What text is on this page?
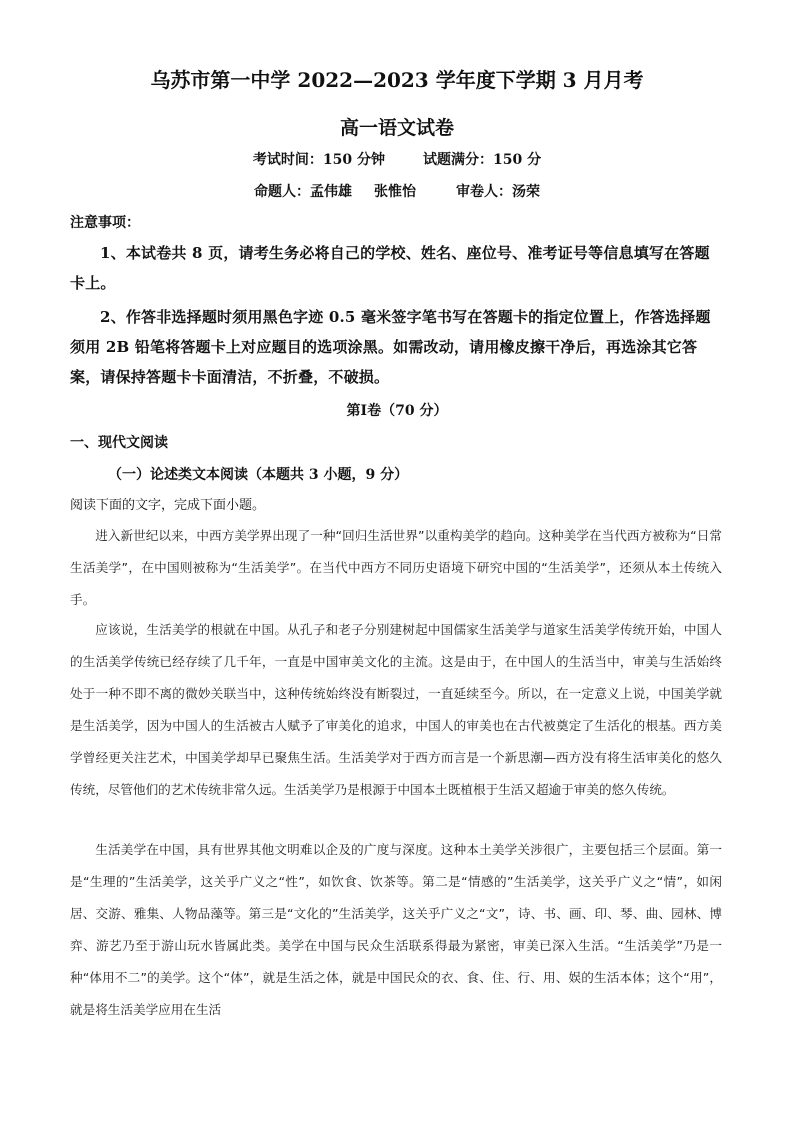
乌苏市第一中学 2022—2023 学年度下学期 3 月月考
高一语文试卷
考试时间：150 分钟	试题满分：150 分
命题人：孟伟雄 张惟怡	审卷人：汤荣
注意事项：
1、本试卷共 8 页，请考生务必将自己的学校、姓名、座位号、准考证号等信息填写在答题卡上。
2、作答非选择题时须用黑色字迹 0.5 毫米签字笔书写在答题卡的指定位置上，作答选择题须用 2B 铅笔将答题卡上对应题目的选项涂黑。如需改动，请用橡皮擦干净后，再选涂其它答案，请保持答题卡卡面清洁，不折叠，不破损。
第Ⅰ卷（70 分）
一、现代文阅读
（一）论述类文本阅读（本题共 3 小题，9 分）
阅读下面的文字，完成下面小题。
进入新世纪以来，中西方美学界出现了一种“回归生活世界”以重构美学的趋向。这种美学在当代西方被称为“日常生活美学”，在中国则被称为“生活美学”。在当代中西方不同历史语境下研究中国的“生活美学”，还须从本土传统入手。
应该说，生活美学的根就在中国。从孔子和老子分别建树起中国儒家生活美学与道家生活美学传统开始，中国人的生活美学传统已经存续了几千年，一直是中国审美文化的主流。这是由于，在中国人的生活当中，审美与生活始终处于一种不即不离的微妙关联当中，这种传统始终没有断裂过，一直延续至今。所以，在一定意义上说，中国美学就是生活美学，因为中国人的生活被古人赋予了审美化的追求，中国人的审美也在古代被奠定了生活化的根基。西方美学曾经更关注艺术，中国美学却早已聚焦生活。生活美学对于西方而言是一个新思潮—西方没有将生活审美化的悠久传统，尽管他们的艺术传统非常久远。生活美学乃是根源于中国本土既植根于生活又超逾于审美的悠久传统。
生活美学在中国，具有世界其他文明难以企及的广度与深度。这种本土美学关涉很广，主要包括三个层面。第一是“生理的”生活美学，这关乎广义之“性”，如饮食、饮茶等。第二是“情感的”生活美学，这关乎广义之“情”，如闲居、交游、雅集、人物品藻等。第三是“文化的”生活美学，这关乎广义之“文”，诗、书、画、印、琴、曲、园林、博弈、游艺乃至于游山玩水皆属此类。美学在中国与民众生活联系得最为紧密，审美已深入生活。“生活美学”乃是一种“体用不二”的美学。这个“体”，就是生活之体，就是中国民众的衣、食、住、行、用、娱的生活本体；这个“用”，就是将生活美学应用在生活
